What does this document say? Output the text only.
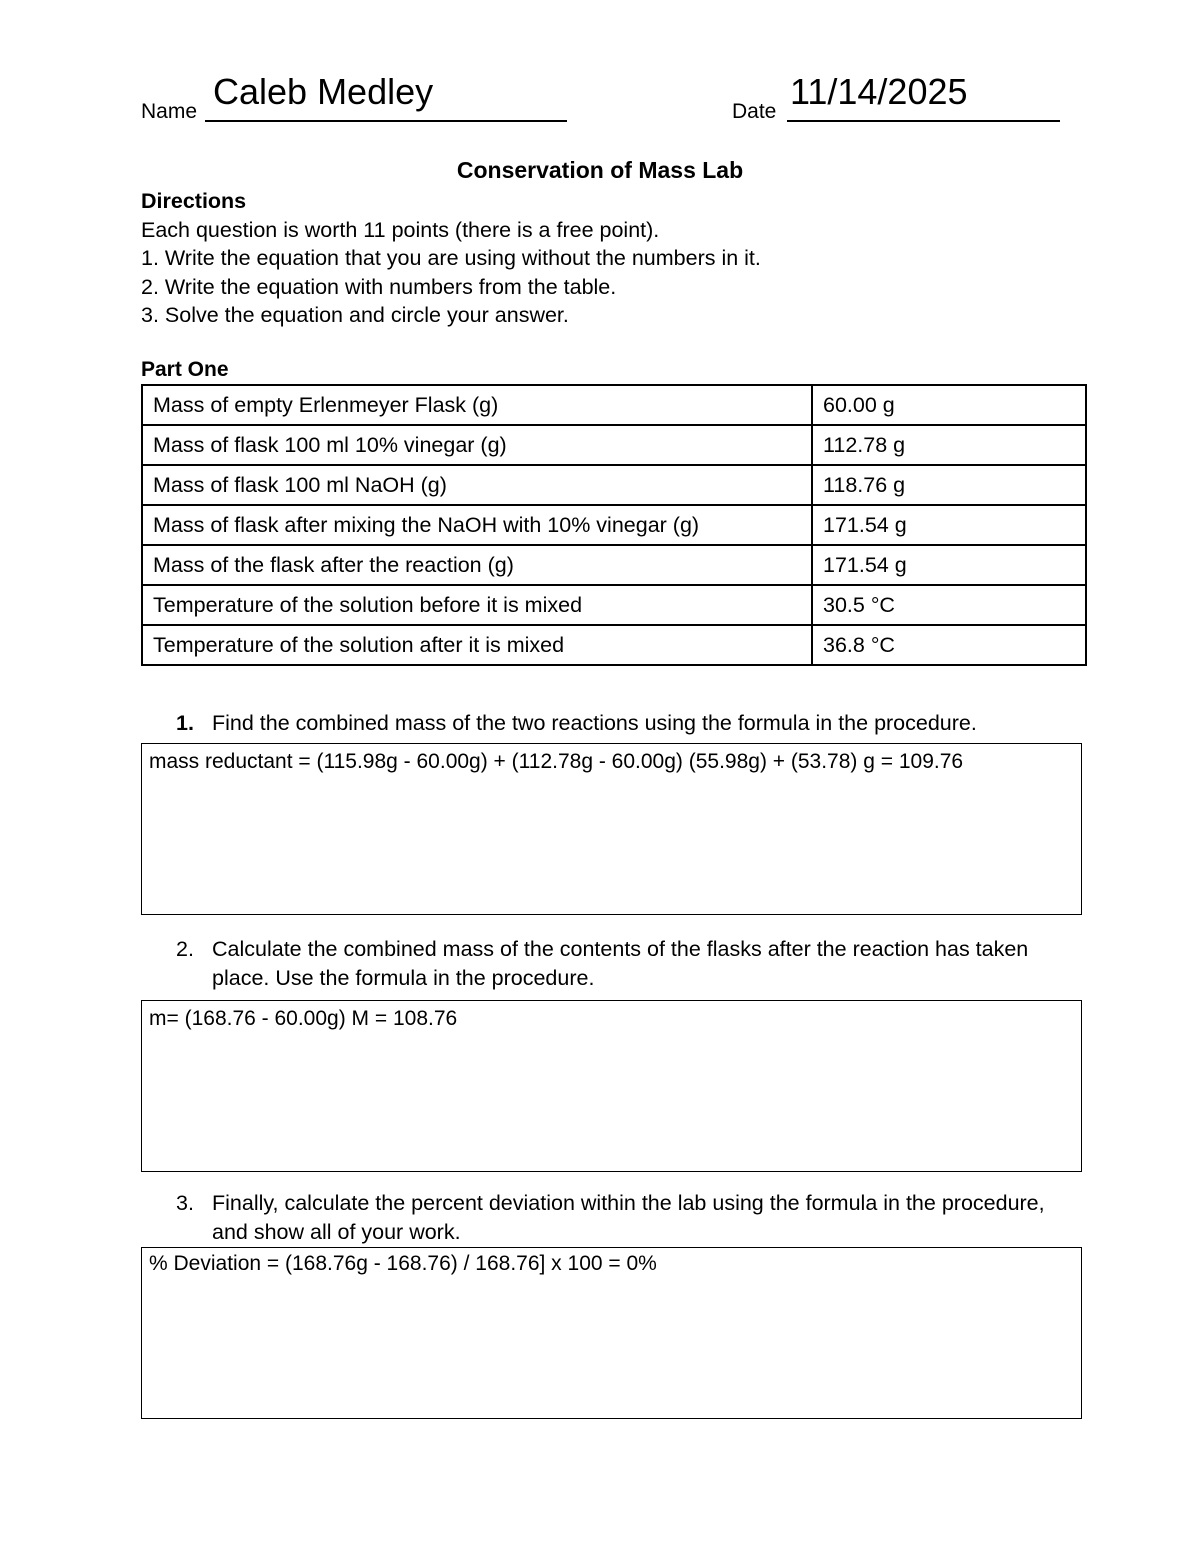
Name Caleb Medley	Date 11/14/2025
Conservation of Mass Lab
Directions
Each question is worth 11 points (there is a free point).
1. Write the equation that you are using without the numbers in it.
2. Write the equation with numbers from the table.
3. Solve the equation and circle your answer.
Part One
Mass of empty Erlenmeyer Flask (g)	60.00 g
Mass of flask 100 ml 10% vinegar (g)	112.78 g
Mass of flask 100 ml NaOH (g)	118.76 g
Mass of flask after mixing the NaOH with 10% vinegar (g)	171.54 g
Mass of the flask after the reaction (g)	171.54 g
Temperature of the solution before it is mixed	30.5 °C
Temperature of the solution after it is mixed	36.8 °C
1. Find the combined mass of the two reactions using the formula in the procedure.
mass reductant = (115.98g - 60.00g) + (112.78g - 60.00g) (55.98g) + (53.78) g = 109.76
2. Calculate the combined mass of the contents of the flasks after the reaction has taken place. Use the formula in the procedure.
m= (168.76 - 60.00g) M = 108.76
3. Finally, calculate the percent deviation within the lab using the formula in the procedure, and show all of your work.
% Deviation = (168.76g - 168.76) / 168.76] x 100 = 0%
